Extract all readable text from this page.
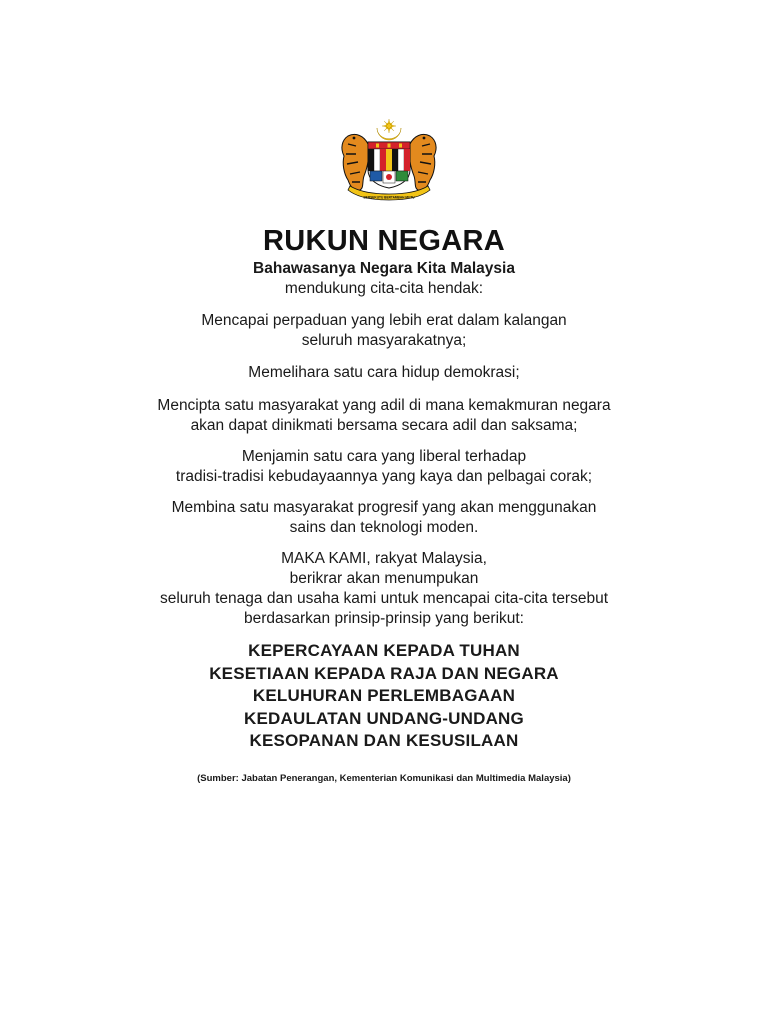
BERSEKUTU BERTAMBAH MUTU
RUKUN NEGARA
Bahawasanya Negara Kita Malaysia
mendukung cita-cita hendak:
Mencapai perpaduan yang lebih erat dalam kalangan
seluruh masyarakatnya;
Memelihara satu cara hidup demokrasi;
Mencipta satu masyarakat yang adil di mana kemakmuran negara
akan dapat dinikmati bersama secara adil dan saksama;
Menjamin satu cara yang liberal terhadap
tradisi-tradisi kebudayaannya yang kaya dan pelbagai corak;
Membina satu masyarakat progresif yang akan menggunakan
sains dan teknologi moden.
MAKA KAMI, rakyat Malaysia,
berikrar akan menumpukan
seluruh tenaga dan usaha kami untuk mencapai cita-cita tersebut
berdasarkan prinsip-prinsip yang berikut:
KEPERCAYAAN KEPADA TUHAN
KESETIAAN KEPADA RAJA DAN NEGARA
KELUHURAN PERLEMBAGAAN
KEDAULATAN UNDANG-UNDANG
KESOPANAN DAN KESUSILAAN
(Sumber: Jabatan Penerangan, Kementerian Komunikasi dan Multimedia Malaysia)
